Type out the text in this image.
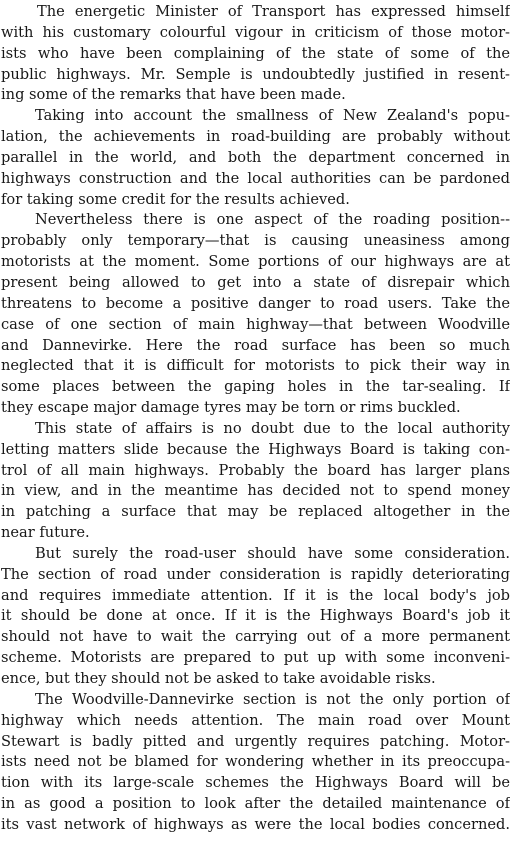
The energetic Minister of Transport has expressed himself
with his customary colourful vigour in criticism of those motor-
ists who have been complaining of the state of some of the
public highways. Mr. Semple is undoubtedly justified in resent-
ing some of the remarks that have been made.
Taking into account the smallness of New Zealand's popu-
lation, the achievements in road-building are probably without
parallel in the world, and both the department concerned in
highways construction and the local authorities can be pardoned
for taking some credit for the results achieved.
Nevertheless there is one aspect of the roading position--
probably only temporary—that is causing uneasiness among
motorists at the moment. Some portions of our highways are at
present being allowed to get into a state of disrepair which
threatens to become a positive danger to road users. Take the
case of one section of main highway—that between Woodville
and Dannevirke. Here the road surface has been so much
neglected that it is difficult for motorists to pick their way in
some places between the gaping holes in the tar-sealing. If
they escape major damage tyres may be torn or rims buckled.
This state of affairs is no doubt due to the local authority
letting matters slide because the Highways Board is taking con-
trol of all main highways. Probably the board has larger plans
in view, and in the meantime has decided not to spend money
in patching a surface that may be replaced altogether in the
near future.
But surely the road-user should have some consideration.
The section of road under consideration is rapidly deteriorating
and requires immediate attention. If it is the local body's job
it should be done at once. If it is the Highways Board's job it
should not have to wait the carrying out of a more permanent
scheme. Motorists are prepared to put up with some inconveni-
ence, but they should not be asked to take avoidable risks.
The Woodville-Dannevirke section is not the only portion of
highway which needs attention. The main road over Mount
Stewart is badly pitted and urgently requires patching. Motor-
ists need not be blamed for wondering whether in its preoccupa-
tion with its large-scale schemes the Highways Board will be
in as good a position to look after the detailed maintenance of
its vast network of highways as were the local bodies concerned.
